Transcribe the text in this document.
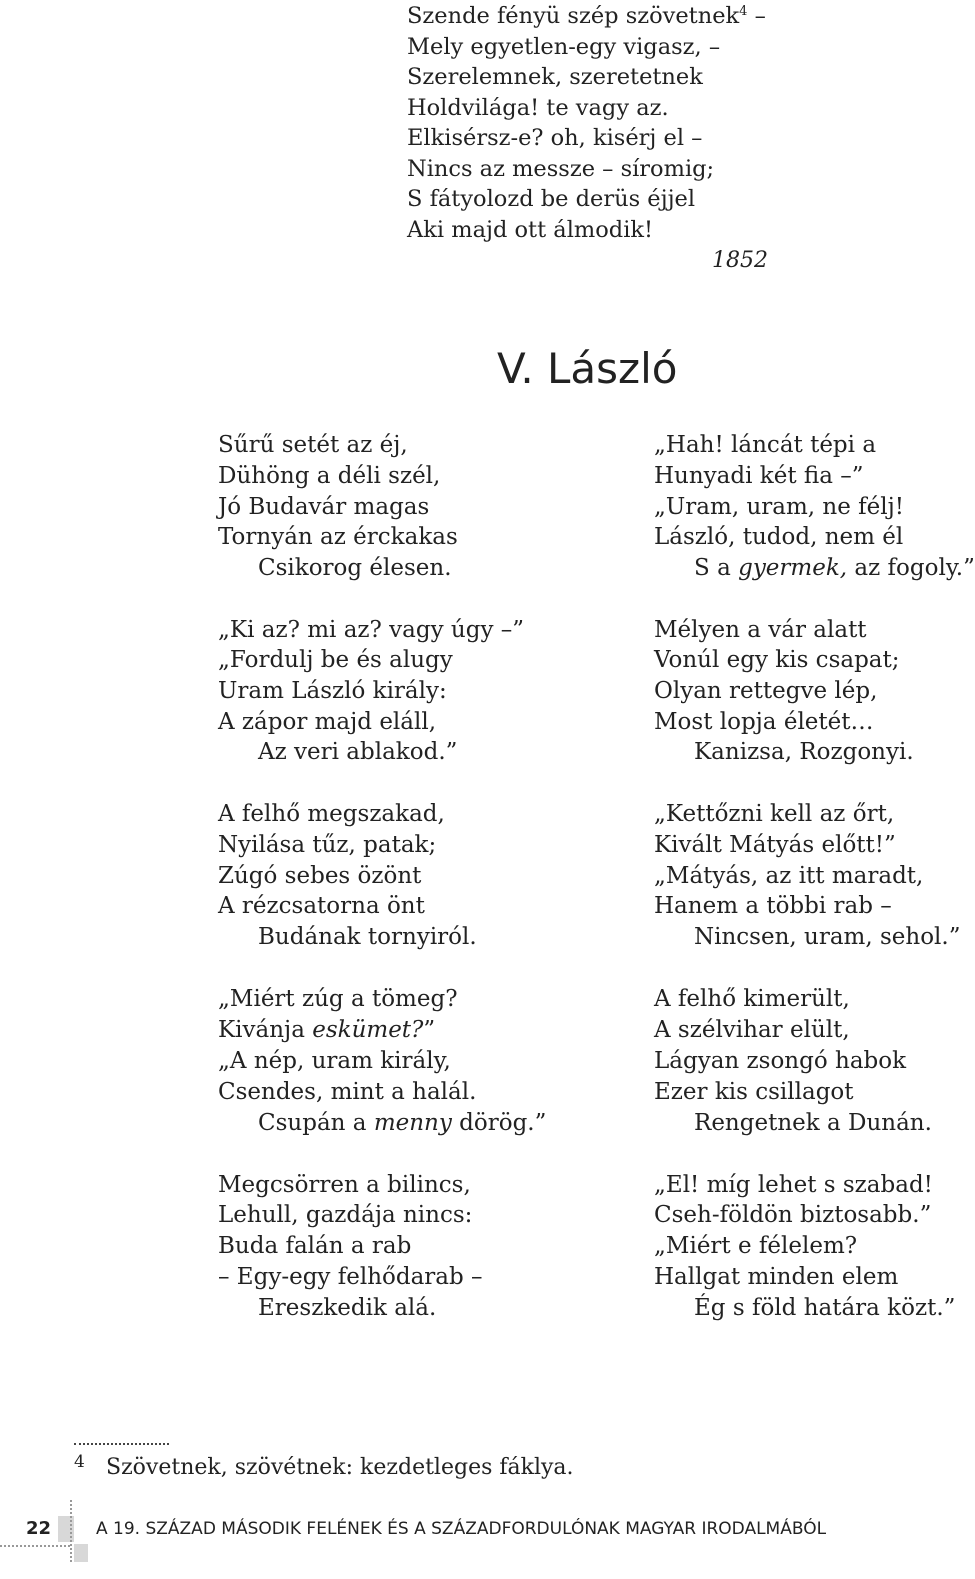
Szende fényü szép szövetnek$^4$ –
Mely egyetlen-egy vigasz, –
Szerelemnek, szeretetnek
Holdvilága! te vagy az.
Elkisérsz-e? oh, kisérj el –
Nincs az messze – síromig;
S fátyolozd be derüs éjjel
Aki majd ott álmodik!
1852
V. László
Sűrű setét az éj,
Dühöng a déli szél,
Jó Budavár magas
Tornyán az érckakas
Csikorog élesen.
„Ki az? mi az? vagy úgy –”
„Fordulj be és alugy
Uram László király:
A zápor majd eláll,
Az veri ablakod.”
A felhő megszakad,
Nyilása tűz, patak;
Zúgó sebes özönt
A rézcsatorna önt
Budának tornyiról.
„Miért zúg a tömeg?
Kivánja eskümet?”
„A nép, uram király,
Csendes, mint a halál.
Csupán a menny dörög.”
Megcsörren a bilincs,
Lehull, gazdája nincs:
Buda falán a rab
– Egy-egy felhődarab –
Ereszkedik alá.
„Hah! láncát tépi a
Hunyadi két fia –”
„Uram, uram, ne félj!
László, tudod, nem él
S a gyermek, az fogoly.”
Mélyen a vár alatt
Vonúl egy kis csapat;
Olyan rettegve lép,
Most lopja életét…
Kanizsa, Rozgonyi.
„Kettőzni kell az őrt,
Kivált Mátyás előtt!”
„Mátyás, az itt maradt,
Hanem a többi rab –
Nincsen, uram, sehol.”
A felhő kimerült,
A szélvihar elült,
Lágyan zsongó habok
Ezer kis csillagot
Rengetnek a Dunán.
„El! míg lehet s szabad!
Cseh-földön biztosabb.”
„Miért e félelem?
Hallgat minden elem
Ég s föld határa közt.”
4 Szövetnek, szövétnek: kezdetleges fáklya.
22	A 19. SZÁZAD MÁSODIK FELÉNEK ÉS A SZÁZADFORDULÓNAK MAGYAR IRODALMÁBÓL
